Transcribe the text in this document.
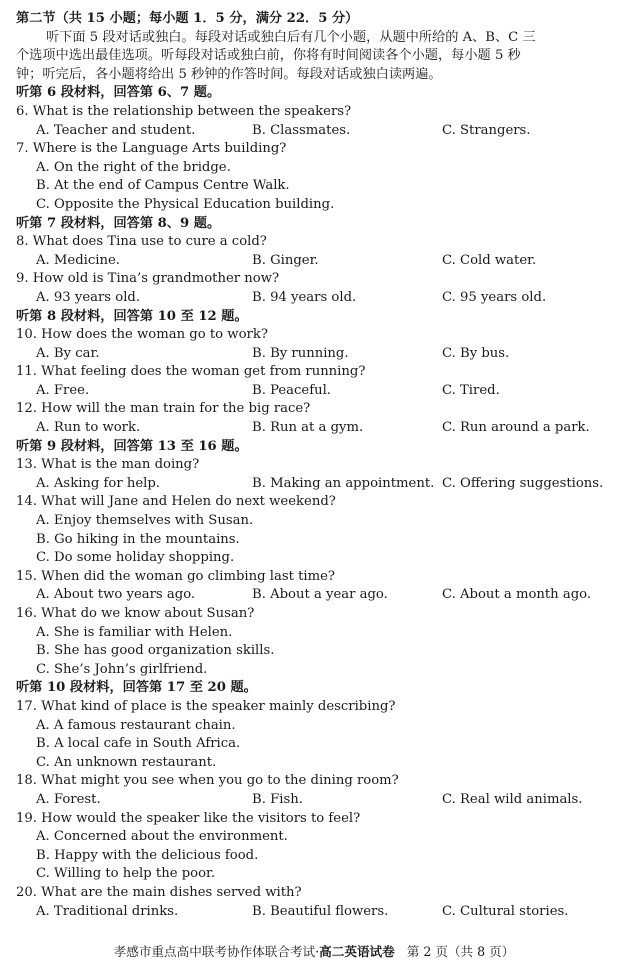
第二节（共 15 小题；每小题 1．5 分，满分 22．5 分）
听下面 5 段对话或独白。每段对话或独白后有几个小题，从题中所给的 A、B、C 三
个选项中选出最佳选项。听每段对话或独白前，你将有时间阅读各个小题，每小题 5 秒
钟；听完后，各小题将给出 5 秒钟的作答时间。每段对话或独白读两遍。
听第 6 段材料，回答第 6、7 题。
6. What is the relationship between the speakers?
A. Teacher and student.	B. Classmates.	C. Strangers.
7. Where is the Language Arts building?
A. On the right of the bridge.
B. At the end of Campus Centre Walk.
C. Opposite the Physical Education building.
听第 7 段材料，回答第 8、9 题。
8. What does Tina use to cure a cold?
A. Medicine.	B. Ginger.	C. Cold water.
9. How old is Tina’s grandmother now?
A. 93 years old.	B. 94 years old.	C. 95 years old.
听第 8 段材料，回答第 10 至 12 题。
10. How does the woman go to work?
A. By car.	B. By running.	C. By bus.
11. What feeling does the woman get from running?
A. Free.	B. Peaceful.	C. Tired.
12. How will the man train for the big race?
A. Run to work.	B. Run at a gym.	C. Run around a park.
听第 9 段材料，回答第 13 至 16 题。
13. What is the man doing?
A. Asking for help.	B. Making an appointment. C. Offering suggestions.
14. What will Jane and Helen do next weekend?
A. Enjoy themselves with Susan.
B. Go hiking in the mountains.
C. Do some holiday shopping.
15. When did the woman go climbing last time?
A. About two years ago.	B. About a year ago.	C. About a month ago.
16. What do we know about Susan?
A. She is familiar with Helen.
B. She has good organization skills.
C. She’s John’s girlfriend.
听第 10 段材料，回答第 17 至 20 题。
17. What kind of place is the speaker mainly describing?
A. A famous restaurant chain.
B. A local cafe in South Africa.
C. An unknown restaurant.
18. What might you see when you go to the dining room?
A. Forest.	B. Fish.	C. Real wild animals.
19. How would the speaker like the visitors to feel?
A. Concerned about the environment.
B. Happy with the delicious food.
C. Willing to help the poor.
20. What are the main dishes served with?
A. Traditional drinks.	B. Beautiful flowers.	C. Cultural stories.
孝感市重点高中联考协作体联合考试·高二英语试卷 第 2 页（共 8 页）
